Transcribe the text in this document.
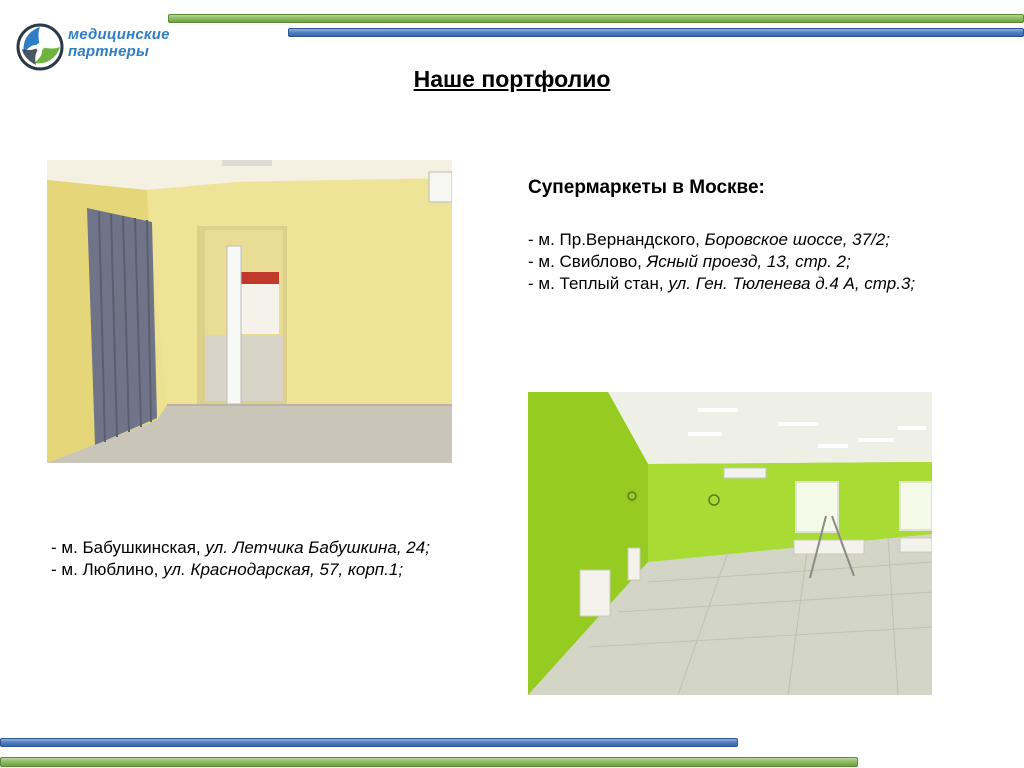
медицинские
партнеры
Наше портфолио
Супермаркеты в Москве:
- м. Пр.Вернандского, Боровское шоссе, 37/2;
- м. Свиблово, Ясный проезд, 13, стр. 2;
- м. Теплый стан, ул. Ген. Тюленева д.4 А, стр.3;
- м. Бабушкинская, ул. Летчика Бабушкина, 24;
- м. Люблино, ул. Краснодарская, 57, корп.1;
